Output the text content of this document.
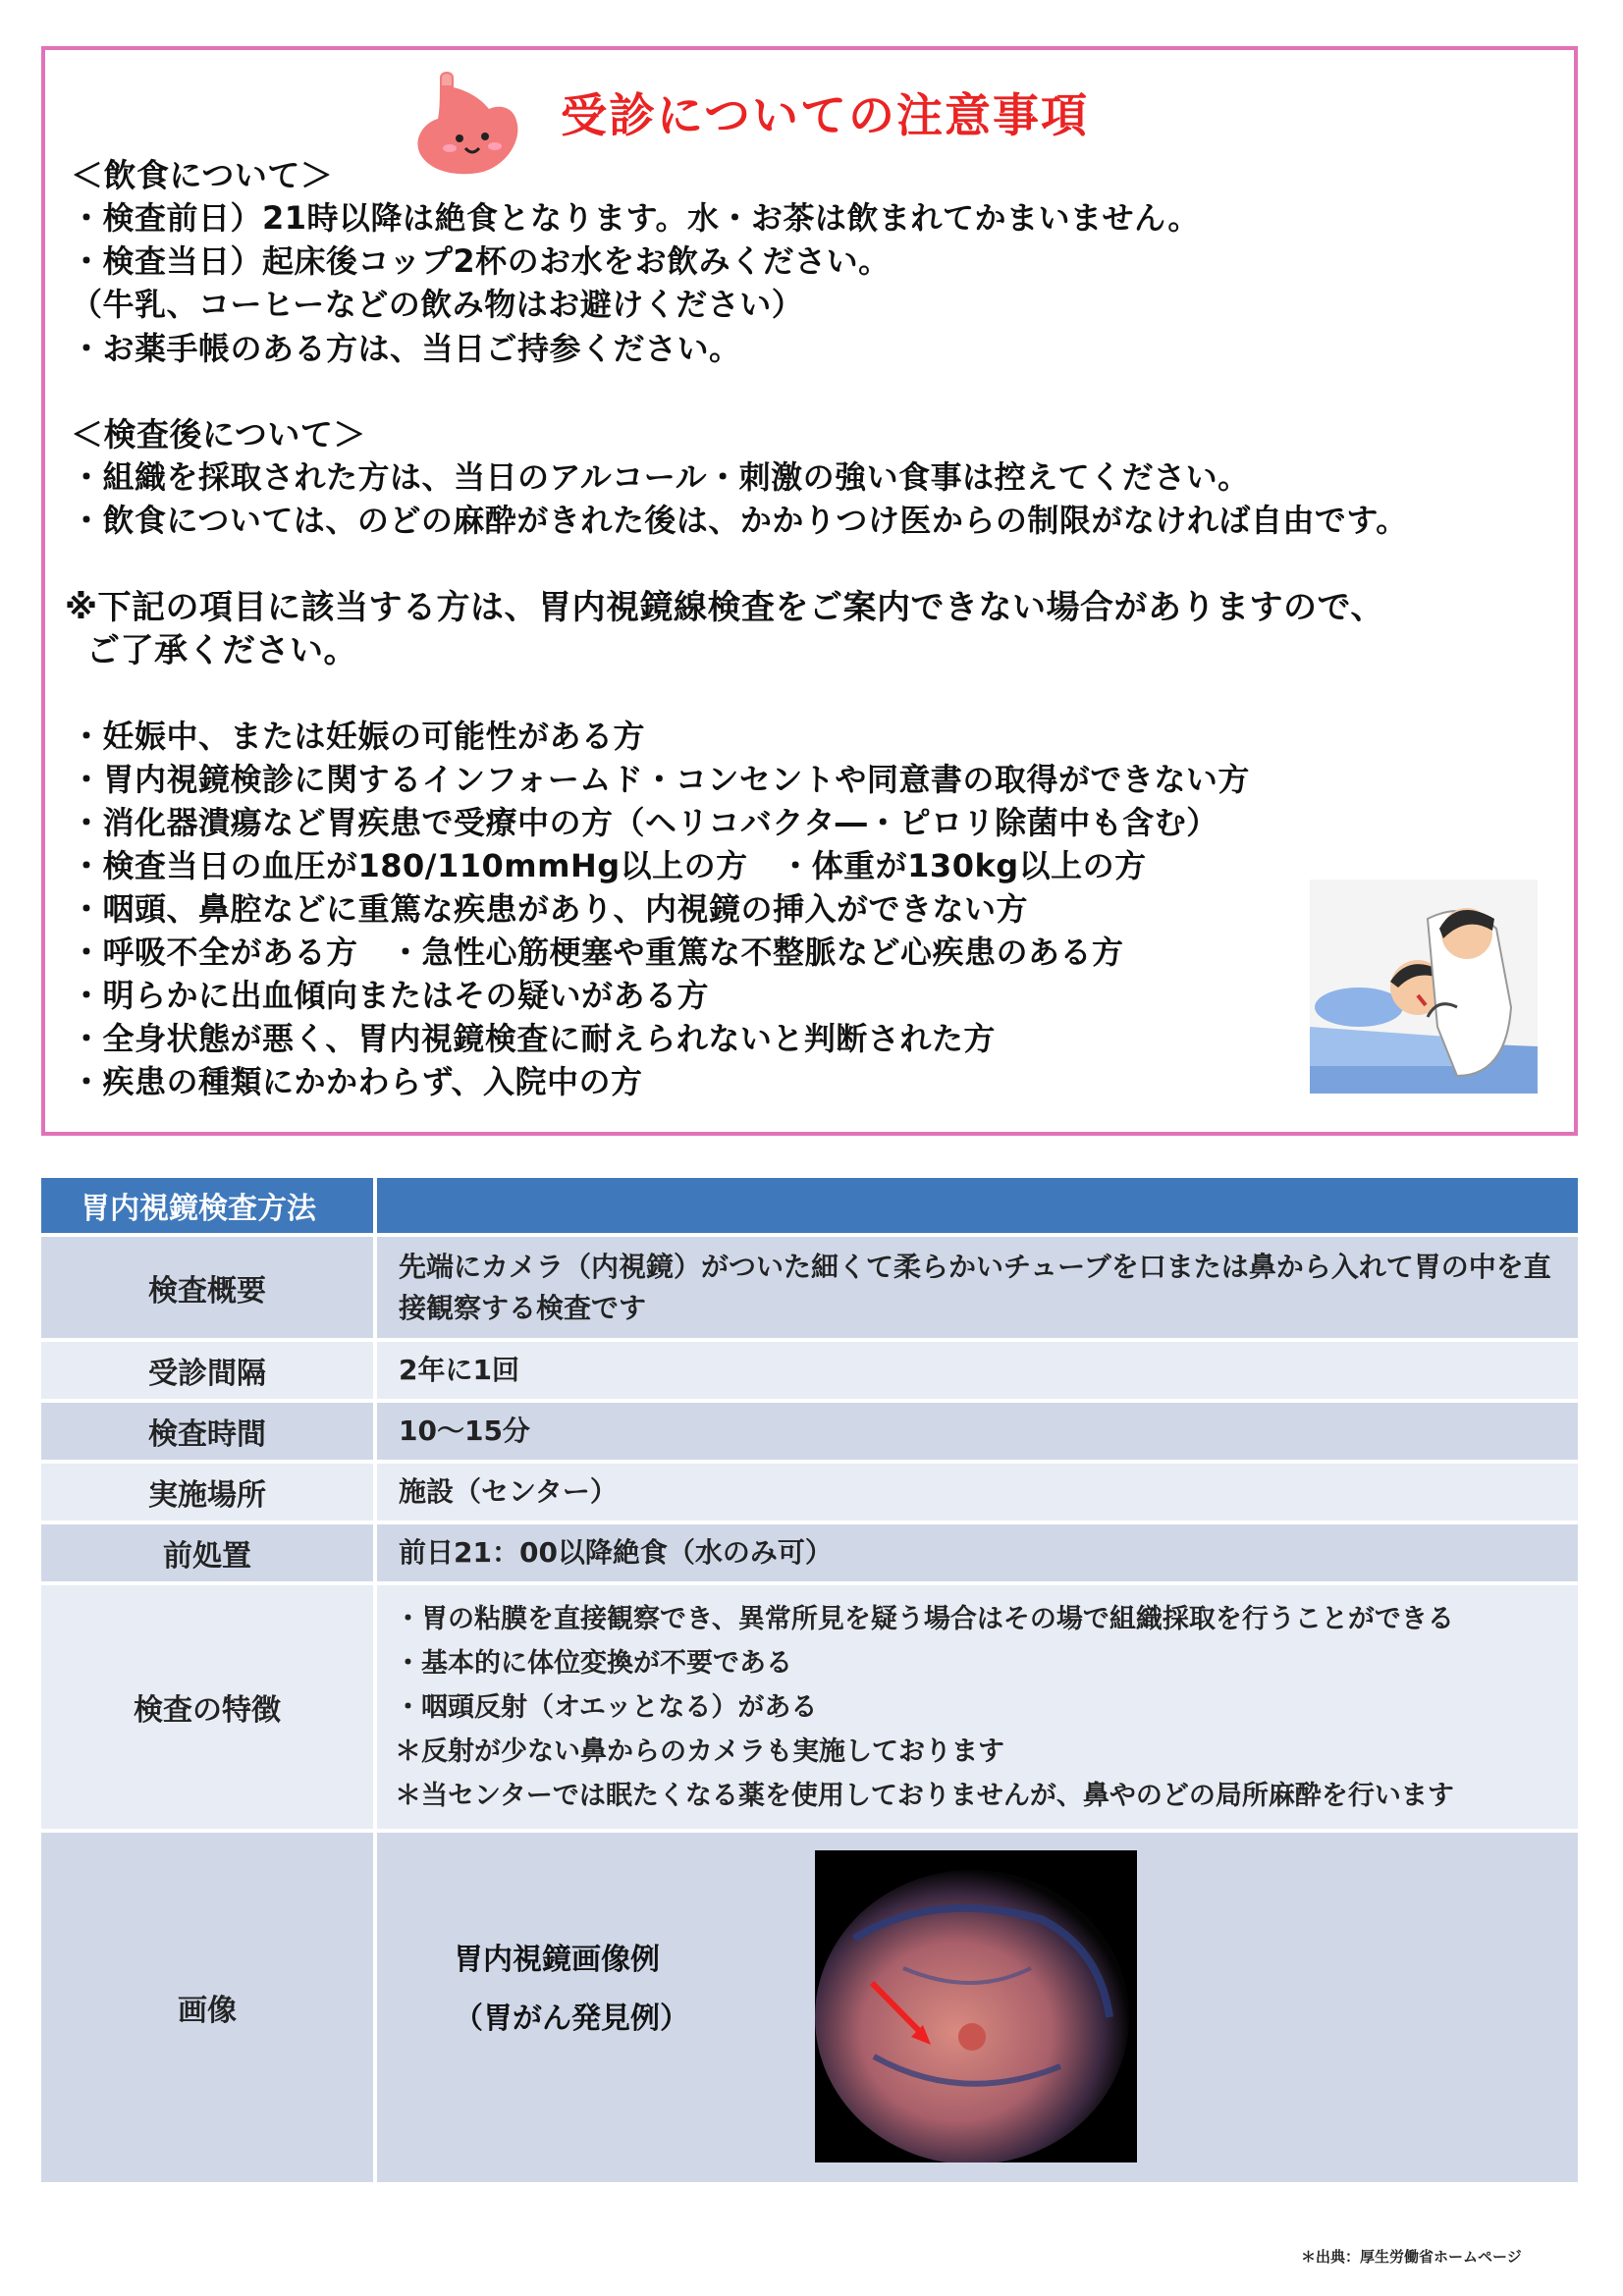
受診についての注意事項
＜飲食について＞
・検査前日）21時以降は絶食となります。水・お茶は飲まれてかまいません。
・検査当日）起床後コップ2杯のお水をお飲みください。
（牛乳、コーヒーなどの飲み物はお避けください）
・お薬手帳のある方は、当日ご持参ください。
＜検査後について＞
・組織を採取された方は、当日のアルコール・刺激の強い食事は控えてください。
・飲食については、のどの麻酔がきれた後は、かかりつけ医からの制限がなければ自由です。
※下記の項目に該当する方は、胃内視鏡線検査をご案内できない場合がありますので、
ご了承ください。
・妊娠中、または妊娠の可能性がある方
・胃内視鏡検診に関するインフォームド・コンセントや同意書の取得ができない方
・消化器潰瘍など胃疾患で受療中の方（ヘリコバクタ―・ピロリ除菌中も含む）
・検査当日の血圧が180/110mmHg以上の方　・体重が130kg以上の方
・咽頭、鼻腔などに重篤な疾患があり、内視鏡の挿入ができない方
・呼吸不全がある方　・急性心筋梗塞や重篤な不整脈など心疾患のある方
・明らかに出血傾向またはその疑いがある方
・全身状態が悪く、胃内視鏡検査に耐えられないと判断された方
・疾患の種類にかかわらず、入院中の方
胃内視鏡検査方法	
検査概要	先端にカメラ（内視鏡）がついた細くて柔らかいチューブを口または鼻から入れて胃の中を直
接観察する検査です

受診間隔	2年に1回
検査時間	10～15分
実施場所	施設（センター）
前処置	前日21：00以降絶食（水のみ可）
検査の特徴	・胃の粘膜を直接観察でき、異常所見を疑う場合はその場で組織採取を行うことができる
・基本的に体位変換が不要である
・咽頭反射（オエッとなる）がある
＊反射が少ない鼻からのカメラも実施しております
＊当センターでは眠たくなる薬を使用しておりませんが、鼻やのどの局所麻酔を行います

画像	胃内視鏡画像例
（胃がん発見例）
＊出典：厚生労働省ホームページ
